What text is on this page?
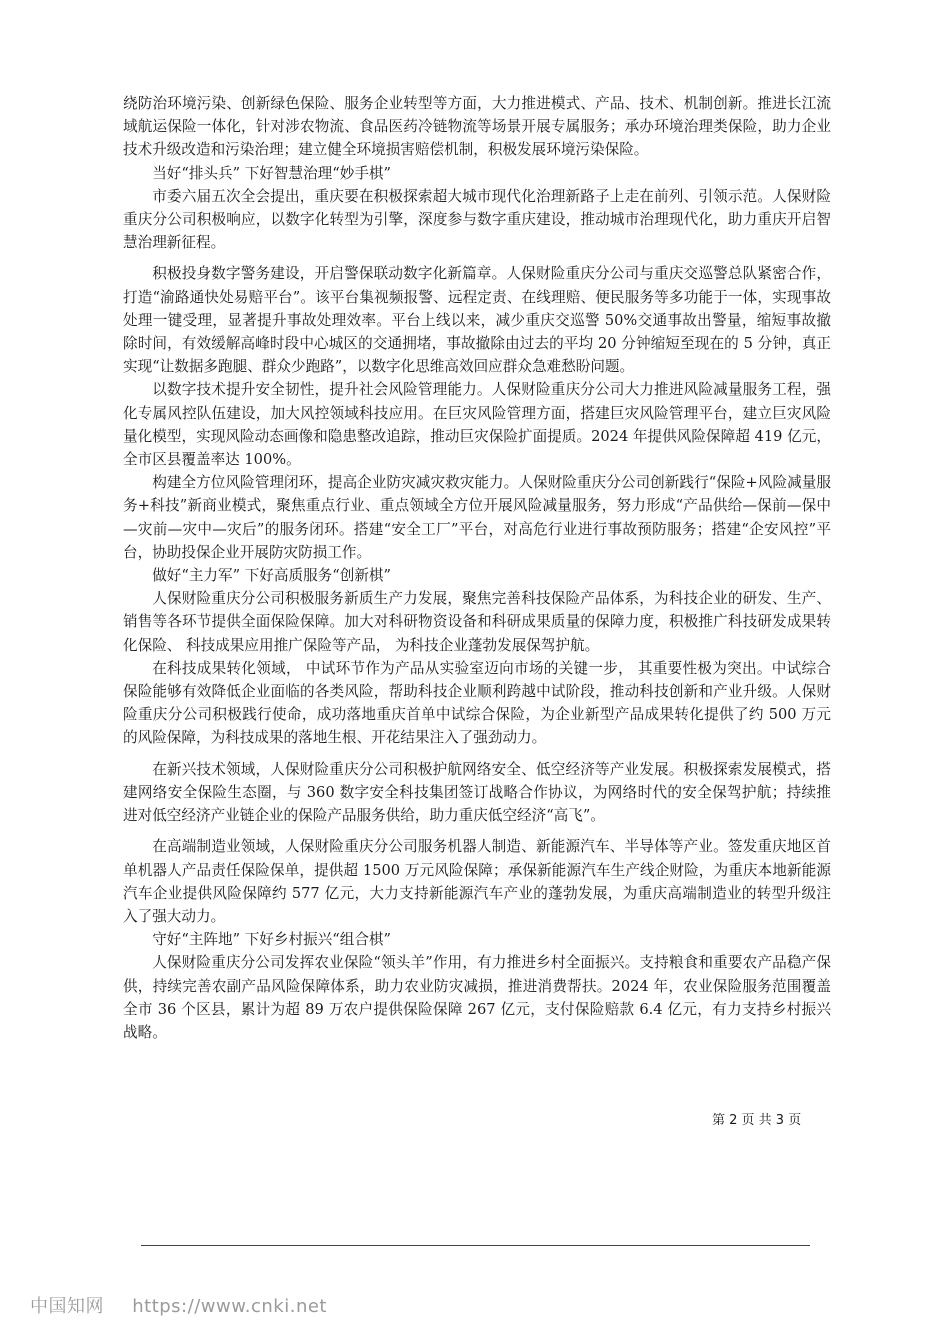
绕防治环境污染、创新绿色保险、服务企业转型等方面，大力推进模式、产品、技术、机制创新。推进长江流域航运保险一体化，针对涉农物流、食品医药冷链物流等场景开展专属服务；承办环境治理类保险，助力企业技术升级改造和污染治理；建立健全环境损害赔偿机制，积极发展环境污染保险。

当好“排头兵” 下好智慧治理“妙手棋”

市委六届五次全会提出，重庆要在积极探索超大城市现代化治理新路子上走在前列、引领示范。人保财险重庆分公司积极响应，以数字化转型为引擎，深度参与数字重庆建设，推动城市治理现代化，助力重庆开启智慧治理新征程。

积极投身数字警务建设，开启警保联动数字化新篇章。人保财险重庆分公司与重庆交巡警总队紧密合作，打造“渝路通快处易赔平台”。该平台集视频报警、远程定责、在线理赔、便民服务等多功能于一体，实现事故处理一键受理，显著提升事故处理效率。平台上线以来，减少重庆交巡警 50%交通事故出警量，缩短事故撤除时间，有效缓解高峰时段中心城区的交通拥堵，事故撤除由过去的平均 20 分钟缩短至现在的 5 分钟，真正实现“让数据多跑腿、群众少跑路”，以数字化思维高效回应群众急难愁盼问题。

以数字技术提升安全韧性，提升社会风险管理能力。人保财险重庆分公司大力推进风险减量服务工程，强化专属风控队伍建设，加大风控领域科技应用。在巨灾风险管理方面，搭建巨灾风险管理平台，建立巨灾风险量化模型，实现风险动态画像和隐患整改追踪，推动巨灾保险扩面提质。2024 年提供风险保障超 419 亿元，全市区县覆盖率达 100%。

构建全方位风险管理闭环，提高企业防灾减灾救灾能力。人保财险重庆分公司创新践行“保险+风险减量服务+科技”新商业模式，聚焦重点行业、重点领域全方位开展风险减量服务，努力形成“产品供给—保前—保中—灾前—灾中—灾后”的服务闭环。搭建“安全工厂”平台，对高危行业进行事故预防服务；搭建“企安风控”平台，协助投保企业开展防灾防损工作。

做好“主力军” 下好高质服务“创新棋”

人保财险重庆分公司积极服务新质生产力发展，聚焦完善科技保险产品体系，为科技企业的研发、生产、销售等各环节提供全面保险保障。加大对科研物资设备和科研成果质量的保障力度，积极推广科技研发成果转化保险、 科技成果应用推广保险等产品， 为科技企业蓬勃发展保驾护航。

在科技成果转化领域， 中试环节作为产品从实验室迈向市场的关键一步， 其重要性极为突出。中试综合保险能够有效降低企业面临的各类风险，帮助科技企业顺利跨越中试阶段，推动科技创新和产业升级。人保财险重庆分公司积极践行使命，成功落地重庆首单中试综合保险，为企业新型产品成果转化提供了约 500 万元的风险保障，为科技成果的落地生根、开花结果注入了强劲动力。

在新兴技术领域，人保财险重庆分公司积极护航网络安全、低空经济等产业发展。积极探索发展模式，搭建网络安全保险生态圈，与 360 数字安全科技集团签订战略合作协议，为网络时代的安全保驾护航；持续推进对低空经济产业链企业的保险产品服务供给，助力重庆低空经济“高飞”。

在高端制造业领域，人保财险重庆分公司服务机器人制造、新能源汽车、半导体等产业。签发重庆地区首单机器人产品责任保险保单，提供超 1500 万元风险保障；承保新能源汽车生产线企财险，为重庆本地新能源汽车企业提供风险保障约 577 亿元，大力支持新能源汽车产业的蓬勃发展，为重庆高端制造业的转型升级注入了强大动力。

守好“主阵地” 下好乡村振兴“组合棋”

人保财险重庆分公司发挥农业保险“领头羊”作用，有力推进乡村全面振兴。支持粮食和重要农产品稳产保供，持续完善农副产品风险保障体系，助力农业防灾减损，推进消费帮扶。2024 年，农业保险服务范围覆盖全市 36 个区县，累计为超 89 万农户提供保险保障 267 亿元，支付保险赔款 6.4 亿元，有力支持乡村振兴战略。

第 2 页 共 3 页
中国知网 https://www.cnki.net
